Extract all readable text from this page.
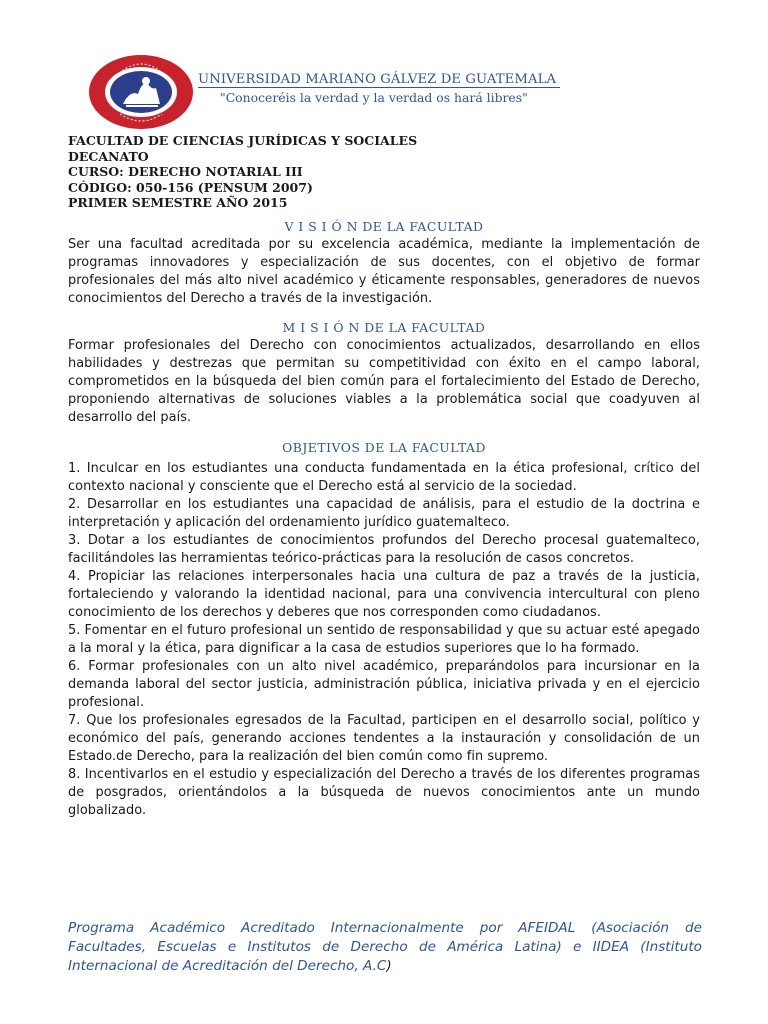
UNIVERSIDAD MARIANO GÁLVEZ DE GUATEMALA
"Conoceréis la verdad y la verdad os hará libres"
FACULTAD DE CIENCIAS JURÍDICAS Y SOCIALES
DECANATO
CURSO: DERECHO NOTARIAL III
CÓDIGO: 050-156 (PENSUM 2007)
PRIMER SEMESTRE AÑO 2015
V I S I Ó N DE LA FACULTAD
Ser una facultad acreditada por su excelencia académica, mediante la implementación de programas innovadores y especialización de sus docentes, con el objetivo de formar profesionales del más alto nivel académico y éticamente responsables, generadores de nuevos conocimientos del Derecho a través de la investigación.
M I S I Ó N DE LA FACULTAD
Formar profesionales del Derecho con conocimientos actualizados, desarrollando en ellos habilidades y destrezas que permitan su competitividad con éxito en el campo laboral, comprometidos en la búsqueda del bien común para el fortalecimiento del Estado de Derecho, proponiendo alternativas de soluciones viables a la problemática social que coadyuven al desarrollo del país.
OBJETIVOS DE LA FACULTAD
1. Inculcar en los estudiantes una conducta fundamentada en la ética profesional, crítico del contexto nacional y consciente que el Derecho está al servicio de la sociedad.
2. Desarrollar en los estudiantes una capacidad de análisis, para el estudio de la doctrina e interpretación y aplicación del ordenamiento jurídico guatemalteco.
3. Dotar a los estudiantes de conocimientos profundos del Derecho procesal guatemalteco, facilitándoles las herramientas teórico-prácticas para la resolución de casos concretos.
4. Propiciar las relaciones interpersonales hacia una cultura de paz a través de la justicia, fortaleciendo y valorando la identidad nacional, para una convivencia intercultural con pleno conocimiento de los derechos y deberes que nos corresponden como ciudadanos.
5. Fomentar en el futuro profesional un sentido de responsabilidad y que su actuar esté apegado a la moral y la ética, para dignificar a la casa de estudios superiores que lo ha formado.
6. Formar profesionales con un alto nivel académico, preparándolos para incursionar en la demanda laboral del sector justicia, administración pública, iniciativa privada y en el ejercicio profesional.
7. Que los profesionales egresados de la Facultad, participen en el desarrollo social, político y económico del país, generando acciones tendentes a la instauración y consolidación de un Estado.de Derecho, para la realización del bien común como fin supremo.
8. Incentivarlos en el estudio y especialización del Derecho a través de los diferentes programas de posgrados, orientándolos a la búsqueda de nuevos conocimientos ante un mundo globalizado.
Programa Académico Acreditado Internacionalmente por AFEIDAL (Asociación de Facultades, Escuelas e Institutos de Derecho de América Latina) e IIDEA (Instituto Internacional de Acreditación del Derecho, A.C)
